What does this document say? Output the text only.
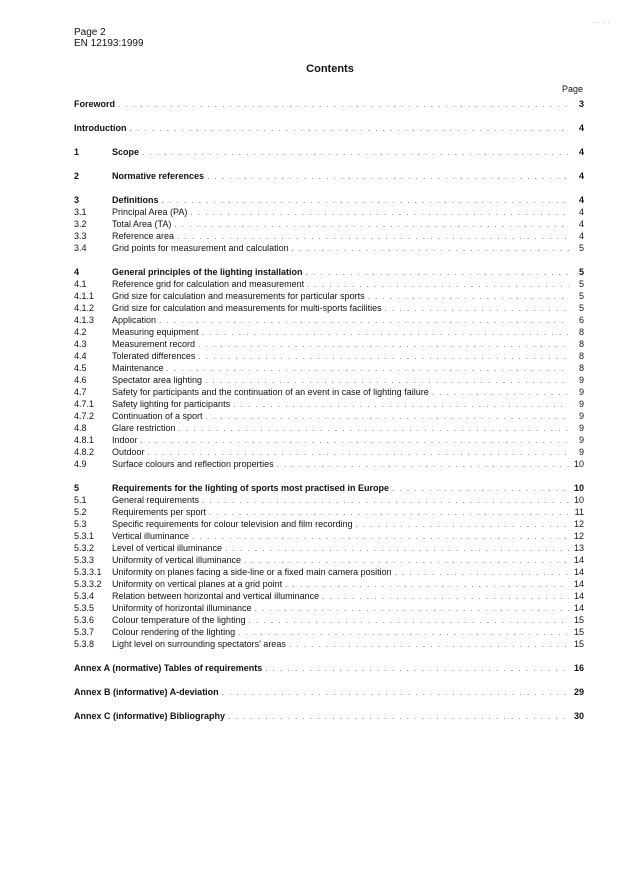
Page 2
EN 12193:1999
· · · ·
Contents
Page
Foreword . . .	3
Introduction . . .	4
1	Scope . . .	4
2	Normative references . . .	4
3	Definitions . . .	4
3.1	Principal Area (PA) . . .	4
3.2	Total Area (TA) . . .	4
3.3	Reference area . . .	4
3.4	Grid points for measurement and calculation . . .	5
4	General principles of the lighting installation . . .	5
4.1	Reference grid for calculation and measurement . . .	5
4.1.1	Grid size for calculation and measurements for particular sports . . .	5
4.1.2	Grid size for calculation and measurements for multi-sports facilities . . .	5
4.1.3	Application . . .	6
4.2	Measuring equipment . . .	8
4.3	Measurement record . . .	8
4.4	Tolerated differences . . .	8
4.5	Maintenance . . .	8
4.6	Spectator area lighting . . .	9
4.7	Safety for participants and the continuation of an event in case of lighting failure . . .	9
4.7.1	Safety lighting for participants . . .	9
4.7.2	Continuation of a sport . . .	9
4.8	Glare restriction . . .	9
4.8.1	Indoor . . .	9
4.8.2	Outdoor . . .	9
4.9	Surface colours and reflection properties . . .	10
5	Requirements for the lighting of sports most practised in Europe . . .	10
5.1	General requirements . . .	10
5.2	Requirements per sport . . .	11
5.3	Specific requirements for colour television and film recording . . .	12
5.3.1	Vertical illuminance . . .	12
5.3.2	Level of vertical illuminance . . .	13
5.3.3	Uniformity of vertical illuminance . . .	14
5.3.3.1	Uniformity on planes facing a side-line or a fixed main camera position . . .	14
5.3.3.2	Uniformity on vertical planes at a grid point . . .	14
5.3.4	Relation between horizontal and vertical illuminance . . .	14
5.3.5	Uniformity of horizontal illuminance . . .	14
5.3.6	Colour temperature of the lighting . . .	15
5.3.7	Colour rendering of the lighting . . .	15
5.3.8	Light level on surrounding spectators' areas . . .	15
Annex A (normative) Tables of requirements . . .	16
Annex B (informative) A-deviation . . .	29
Annex C (informative) Bibliography . . .	30
